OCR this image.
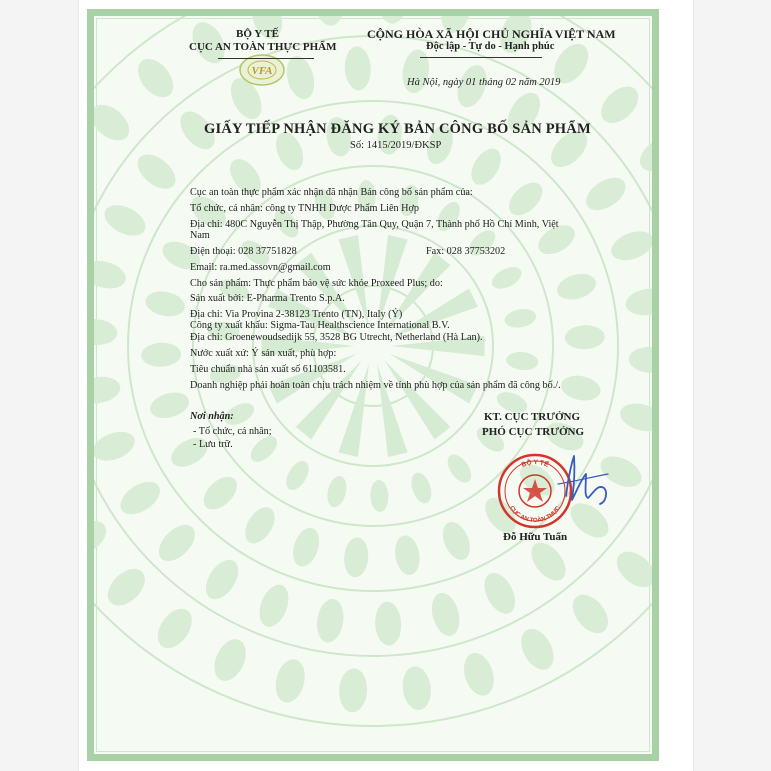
VFA
BỘ Y TẾ
CỤC AN TOÀN THỰC PHẨM
CỘNG HÒA XÃ HỘI CHỦ NGHĨA VIỆT NAM
Độc lập - Tự do - Hạnh phúc
Hà Nội, ngày 01 tháng 02 năm 2019
GIẤY TIẾP NHẬN ĐĂNG KÝ BẢN CÔNG BỐ SẢN PHẨM
Số: 1415/2019/ĐKSP
Cục an toàn thực phẩm xác nhận đã nhận Bản công bố sản phẩm của:
Tổ chức, cá nhân: công ty TNHH Dược Phẩm Liên Hợp
Địa chỉ: 480C Nguyễn Thị Thập, Phường Tân Quy, Quận 7, Thành phố Hồ Chí Minh, Việt
Nam
Điện thoại: 028 37751828	Fax: 028 37753202
Email: ra.med.assovn@gmail.com
Cho sản phẩm: Thực phẩm bảo vệ sức khỏe Proxeed Plus; do:
Sản xuất bởi: E-Pharma Trento S.p.A.
Địa chỉ: Via Provina 2-38123 Trento (TN), Italy (Ý)
Công ty xuất khẩu: Sigma-Tau Healthscience International B.V.
Địa chỉ: Groenewoudsedijk 55, 3528 BG Utrecht, Netherland (Hà Lan).
Nước xuất xứ: Ý sản xuất, phù hợp:
Tiêu chuẩn nhà sản xuất số 61103581.
Doanh nghiệp phải hoàn toàn chịu trách nhiệm về tính phù hợp của sản phẩm đã công bố./.
Nơi nhận:
- Tổ chức, cá nhân;
- Lưu trữ.
KT. CỤC TRƯỞNG
PHÓ CỤC TRƯỞNG
BỘ Y TẾ
CỤC AN TOÀN THỰC
Đỗ Hữu Tuấn
